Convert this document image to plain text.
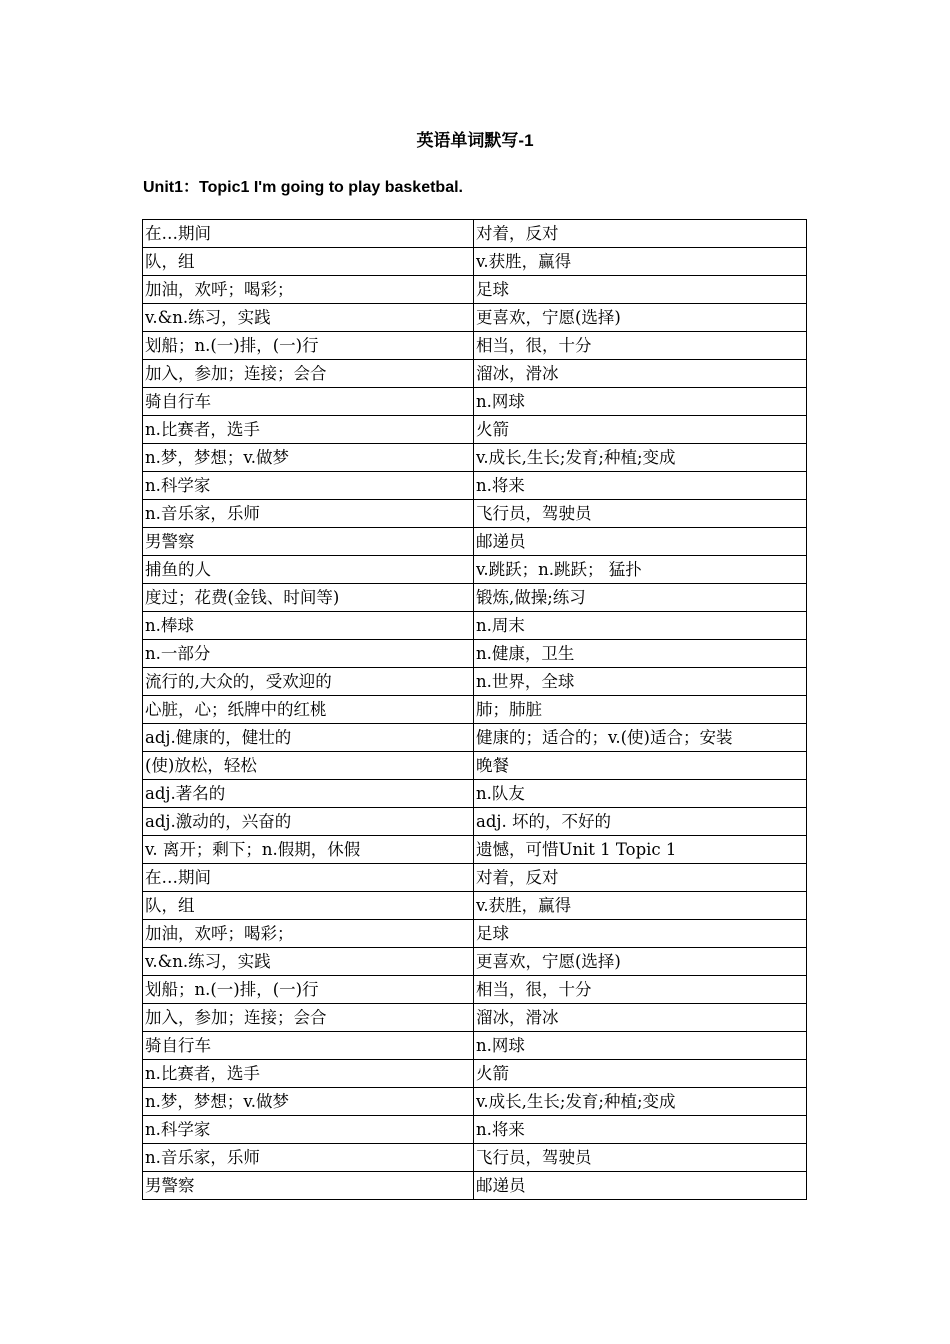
英语单词默写-1
Unit1：Topic1 I'm going to play basketbal.
在…期间	对着，反对
队，组	v.获胜，赢得
加油，欢呼；喝彩；	足球
v.&n.练习，实践	更喜欢，宁愿(选择)
划船；n.(一)排，(一)行	相当，很，十分
加入，参加；连接；会合	溜冰，滑冰
骑自行车	n.网球
n.比赛者，选手	火箭
n.梦，梦想；v.做梦	v.成长,生长;发育;种植;变成
n.科学家	n.将来
n.音乐家，乐师	飞行员，驾驶员
男警察	邮递员
捕鱼的人	v.跳跃；n.跳跃； 猛扑
度过；花费(金钱、时间等)	锻炼,做操;练习
n.棒球	n.周末
n.一部分	n.健康，卫生
流行的,大众的，受欢迎的	n.世界，全球
心脏，心；纸牌中的红桃	肺；肺脏
adj.健康的，健壮的	健康的；适合的；v.(使)适合；安装
(使)放松，轻松	晚餐
adj.著名的	n.队友
adj.激动的，兴奋的	adj. 坏的，不好的
v. 离开；剩下；n.假期，休假	遗憾，可惜Unit 1 Topic 1
在…期间	对着，反对
队，组	v.获胜，赢得
加油，欢呼；喝彩；	足球
v.&n.练习，实践	更喜欢，宁愿(选择)
划船；n.(一)排，(一)行	相当，很，十分
加入，参加；连接；会合	溜冰，滑冰
骑自行车	n.网球
n.比赛者，选手	火箭
n.梦，梦想；v.做梦	v.成长,生长;发育;种植;变成
n.科学家	n.将来
n.音乐家，乐师	飞行员，驾驶员
男警察	邮递员
